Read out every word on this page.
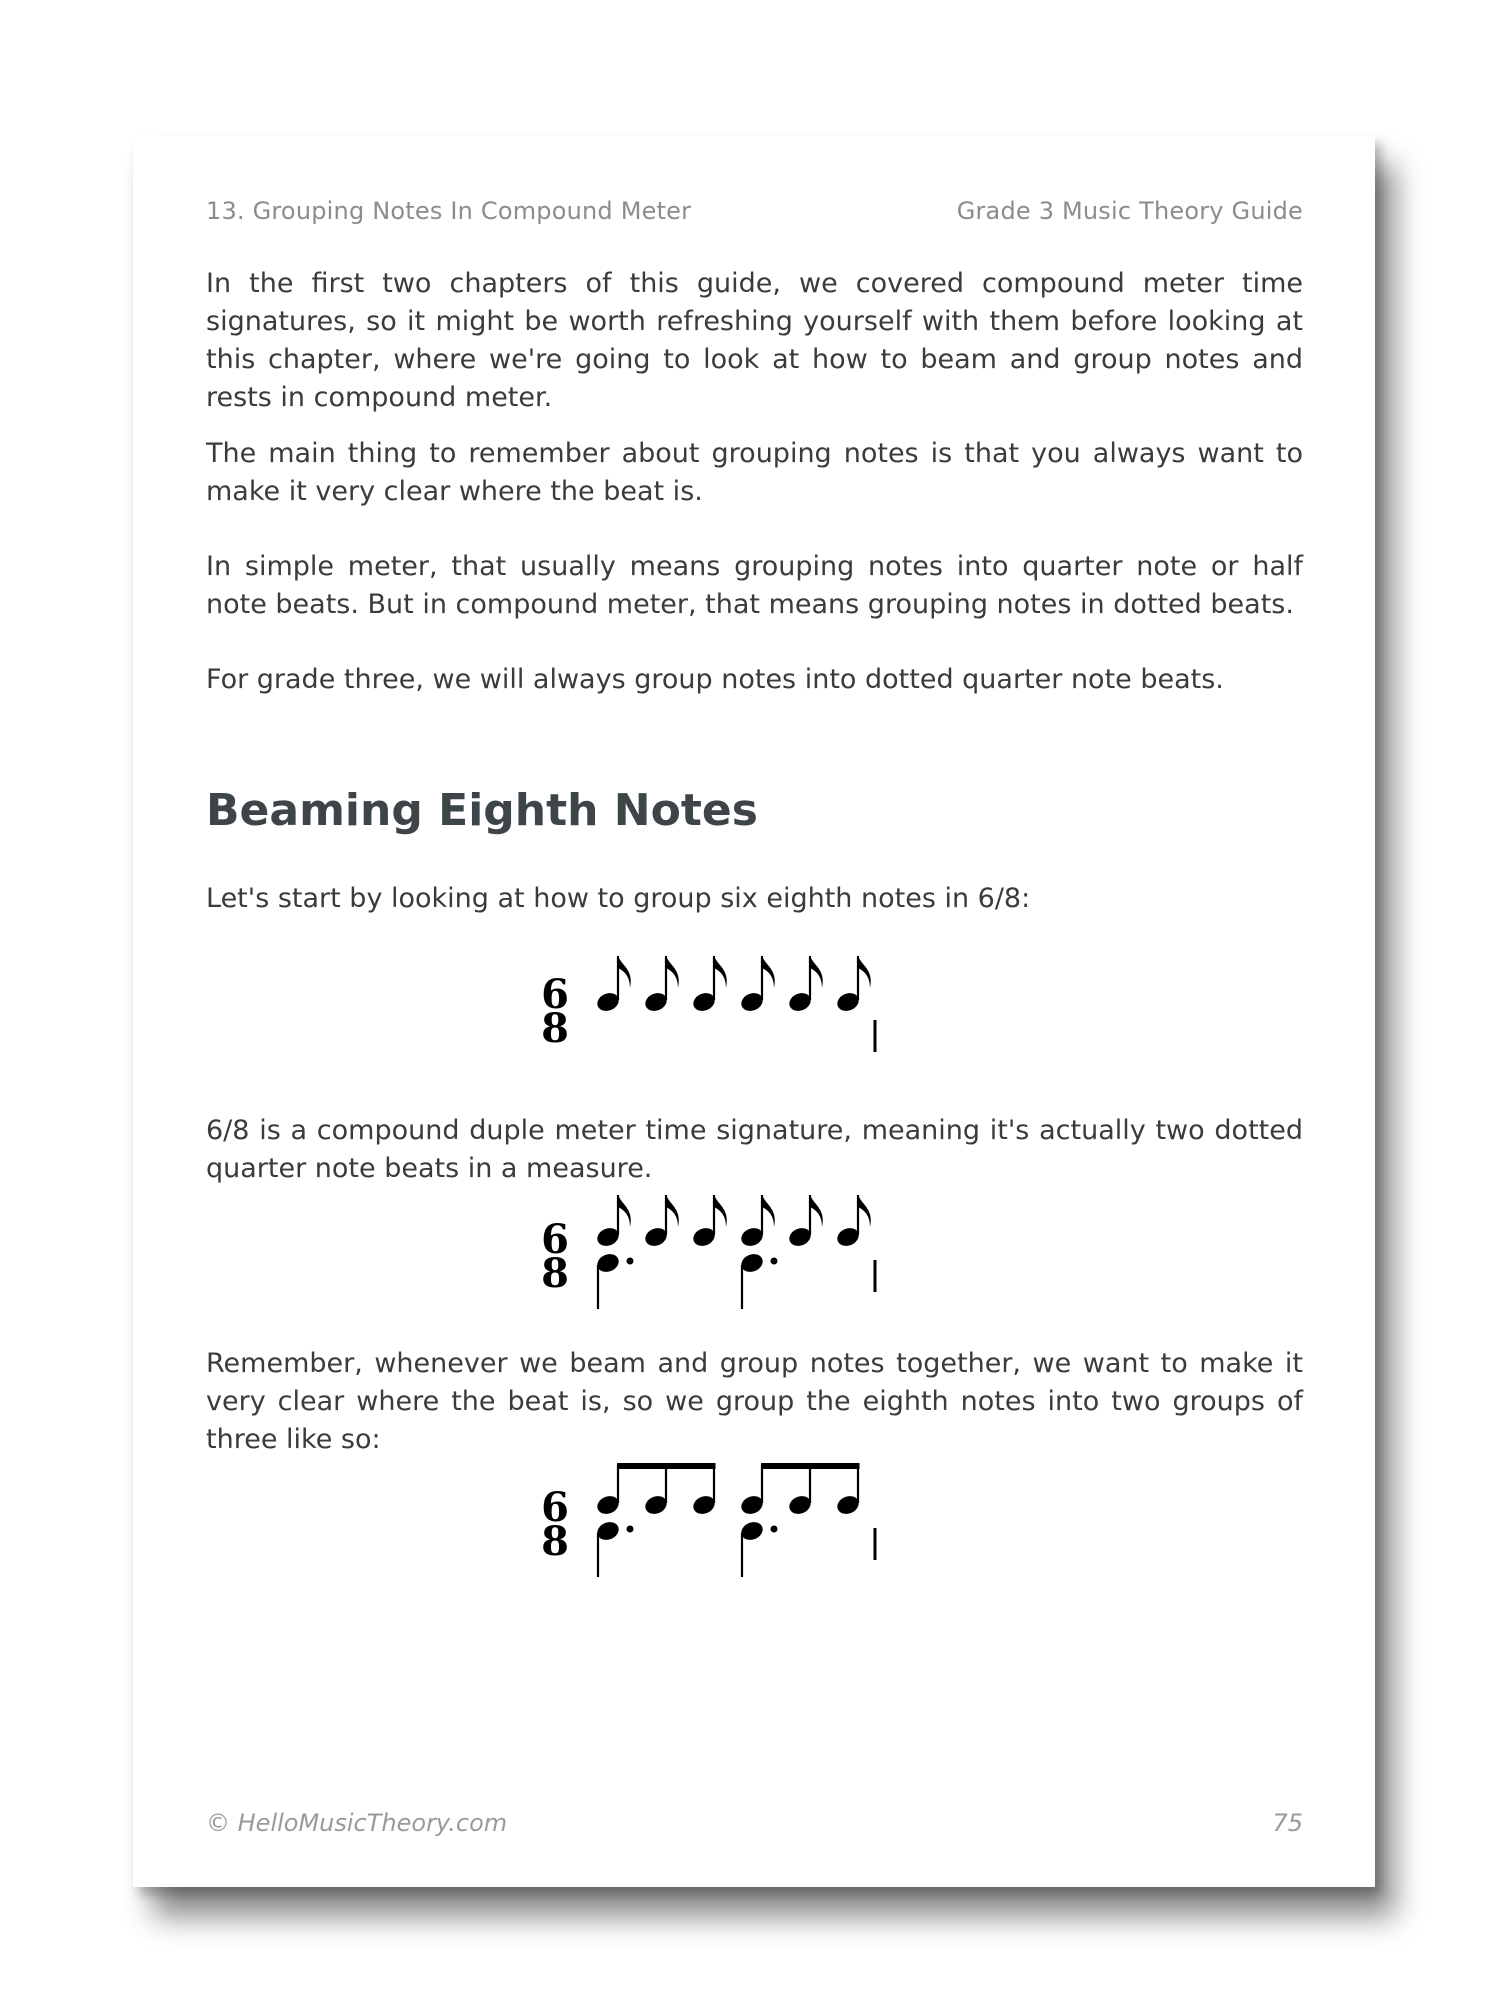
13. Grouping Notes In Compound Meter	Grade 3 Music Theory Guide

In the first two chapters of this guide, we covered compound meter time signatures, so it might be worth refreshing yourself with them before looking at this chapter, where we're going to look at how to beam and group notes and rests in compound meter.

The main thing to remember about grouping notes is that you always want to make it very clear where the beat is.

In simple meter, that usually means grouping notes into quarter note or half note beats. But in compound meter, that means grouping notes in dotted beats.

For grade three, we will always group notes into dotted quarter note beats.

Beaming Eighth Notes

Let's start by looking at how to group six eighth notes in 6/8:

6
8

6/8 is a compound duple meter time signature, meaning it's actually two dotted quarter note beats in a measure.

6
8

Remember, whenever we beam and group notes together, we want to make it very clear where the beat is, so we group the eighth notes into two groups of three like so:

6
8
© HelloMusicTheory.com	75
